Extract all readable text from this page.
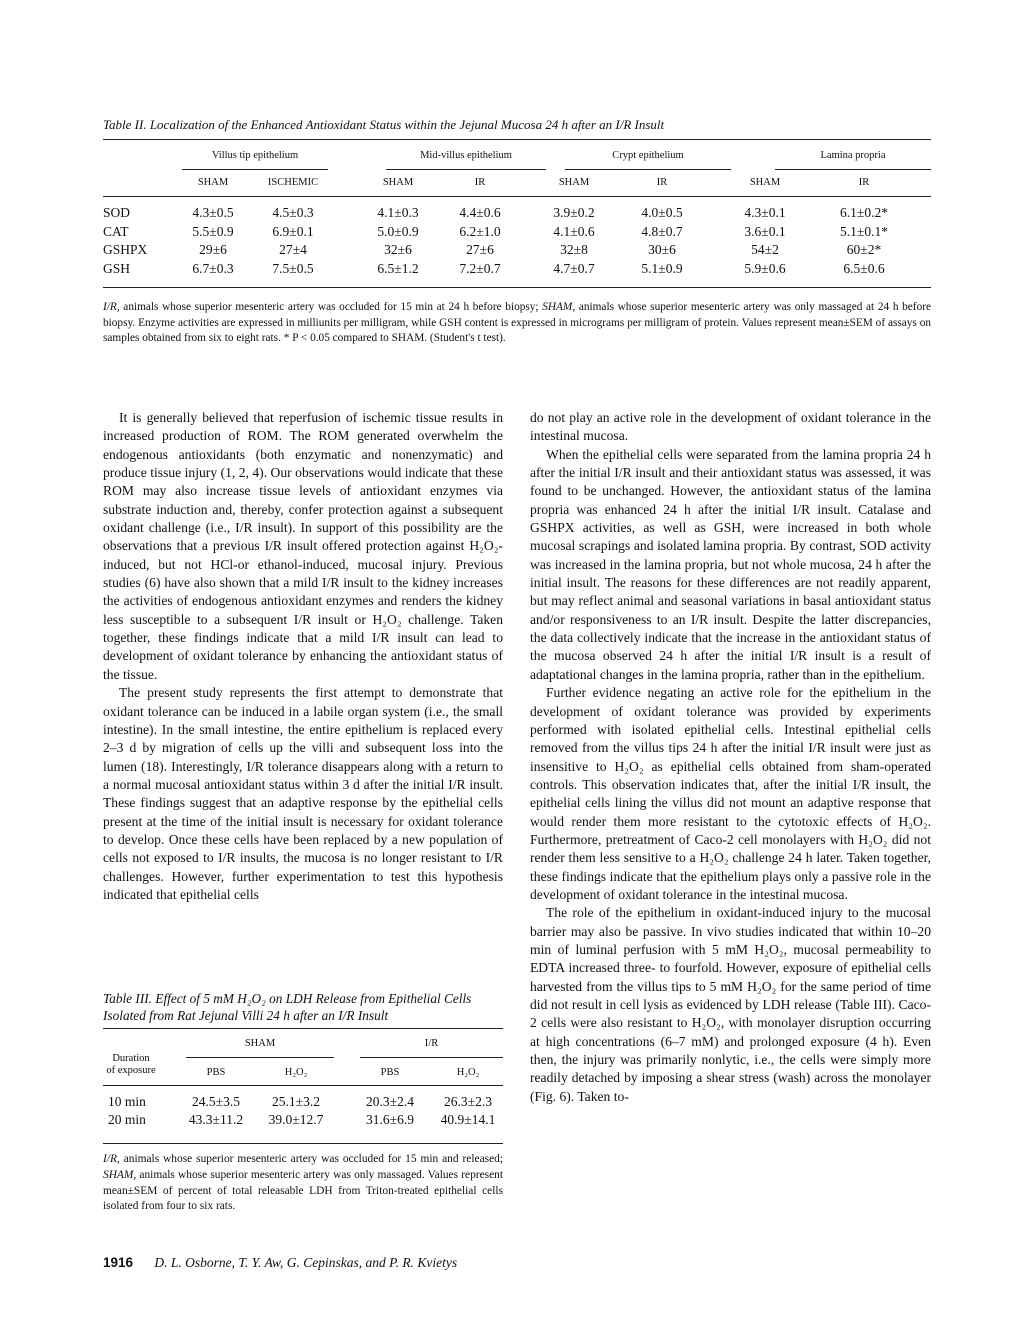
Table II. Localization of the Enhanced Antioxidant Status within the Jejunal Mucosa 24 h after an I/R Insult
Villus tip epithelium	Mid-villus epithelium	Crypt epithelium	Lamina propria
SHAM	ISCHEMIC	SHAM	IR	SHAM	IR	SHAM	IR
SOD	4.3±0.5	4.5±0.3	4.1±0.3	4.4±0.6	3.9±0.2	4.0±0.5	4.3±0.1	6.1±0.2*
CAT	5.5±0.9	6.9±0.1	5.0±0.9	6.2±1.0	4.1±0.6	4.8±0.7	3.6±0.1	5.1±0.1*
GSHPX	29±6	27±4	32±6	27±6	32±8	30±6	54±2	60±2*
GSH	6.7±0.3	7.5±0.5	6.5±1.2	7.2±0.7	4.7±0.7	5.1±0.9	5.9±0.6	6.5±0.6
I/R, animals whose superior mesenteric artery was occluded for 15 min at 24 h before biopsy; SHAM, animals whose superior mesenteric artery was only massaged at 24 h before biopsy. Enzyme activities are expressed in milliunits per milligram, while GSH content is expressed in micrograms per milligram of protein. Values represent mean±SEM of assays on samples obtained from six to eight rats. * P < 0.05 compared to SHAM. (Student's t test).

It is generally believed that reperfusion of ischemic tissue results in increased production of ROM. The ROM generated overwhelm the endogenous antioxidants (both enzymatic and nonenzymatic) and produce tissue injury (1, 2, 4). Our observations would indicate that these ROM may also increase tissue levels of antioxidant enzymes via substrate induction and, thereby, confer protection against a subsequent oxidant challenge (i.e., I/R insult). In support of this possibility are the observations that a previous I/R insult offered protection against H₂O₂-induced, but not HCl-or ethanol-induced, mucosal injury. Previous studies (6) have also shown that a mild I/R insult to the kidney increases the activities of endogenous antioxidant enzymes and renders the kidney less susceptible to a subsequent I/R insult or H₂O₂ challenge. Taken together, these findings indicate that a mild I/R insult can lead to development of oxidant tolerance by enhancing the antioxidant status of the tissue.

The present study represents the first attempt to demonstrate that oxidant tolerance can be induced in a labile organ system (i.e., the small intestine). In the small intestine, the entire epithelium is replaced every 2–3 d by migration of cells up the villi and subsequent loss into the lumen (18). Interestingly, I/R tolerance disappears along with a return to a normal mucosal antioxidant status within 3 d after the initial I/R insult. These findings suggest that an adaptive response by the epithelial cells present at the time of the initial insult is necessary for oxidant tolerance to develop. Once these cells have been replaced by a new population of cells not exposed to I/R insults, the mucosa is no longer resistant to I/R challenges. However, further experimentation to test this hypothesis indicated that epithelial cells

do not play an active role in the development of oxidant tolerance in the intestinal mucosa.

When the epithelial cells were separated from the lamina propria 24 h after the initial I/R insult and their antioxidant status was assessed, it was found to be unchanged. However, the antioxidant status of the lamina propria was enhanced 24 h after the initial I/R insult. Catalase and GSHPX activities, as well as GSH, were increased in both whole mucosal scrapings and isolated lamina propria. By contrast, SOD activity was increased in the lamina propria, but not whole mucosa, 24 h after the initial insult. The reasons for these differences are not readily apparent, but may reflect animal and seasonal variations in basal antioxidant status and/or responsiveness to an I/R insult. Despite the latter discrepancies, the data collectively indicate that the increase in the antioxidant status of the mucosa observed 24 h after the initial I/R insult is a result of adaptational changes in the lamina propria, rather than in the epithelium.

Further evidence negating an active role for the epithelium in the development of oxidant tolerance was provided by experiments performed with isolated epithelial cells. Intestinal epithelial cells removed from the villus tips 24 h after the initial I/R insult were just as insensitive to H₂O₂ as epithelial cells obtained from sham-operated controls. This observation indicates that, after the initial I/R insult, the epithelial cells lining the villus did not mount an adaptive response that would render them more resistant to the cytotoxic effects of H₂O₂. Furthermore, pretreatment of Caco-2 cell monolayers with H₂O₂ did not render them less sensitive to a H₂O₂ challenge 24 h later. Taken together, these findings indicate that the epithelium plays only a passive role in the development of oxidant tolerance in the intestinal mucosa.

The role of the epithelium in oxidant-induced injury to the mucosal barrier may also be passive. In vivo studies indicated that within 10–20 min of luminal perfusion with 5 mM H₂O₂, mucosal permeability to EDTA increased three- to fourfold. However, exposure of epithelial cells harvested from the villus tips to 5 mM H₂O₂ for the same period of time did not result in cell lysis as evidenced by LDH release (Table III). Caco-2 cells were also resistant to H₂O₂, with monolayer disruption occurring at high concentrations (6–7 mM) and prolonged exposure (4 h). Even then, the injury was primarily nonlytic, i.e., the cells were simply more readily detached by imposing a shear stress (wash) across the monolayer (Fig. 6). Taken to-

Table III. Effect of 5 mM H₂O₂ on LDH Release from Epithelial Cells Isolated from Rat Jejunal Villi 24 h after an I/R Insult
Duration
of exposure
SHAM	I/R
PBS	H₂O₂	PBS	H₂O₂
10 min	24.5±3.5	25.1±3.2	20.3±2.4	26.3±2.3
20 min	43.3±11.2	39.0±12.7	31.6±6.9	40.9±14.1
I/R, animals whose superior mesenteric artery was occluded for 15 min and released; SHAM, animals whose superior mesenteric artery was only massaged. Values represent mean±SEM of percent of total releasable LDH from Triton-treated epithelial cells isolated from four to six rats.
1916 D. L. Osborne, T. Y. Aw, G. Cepinskas, and P. R. Kvietys
